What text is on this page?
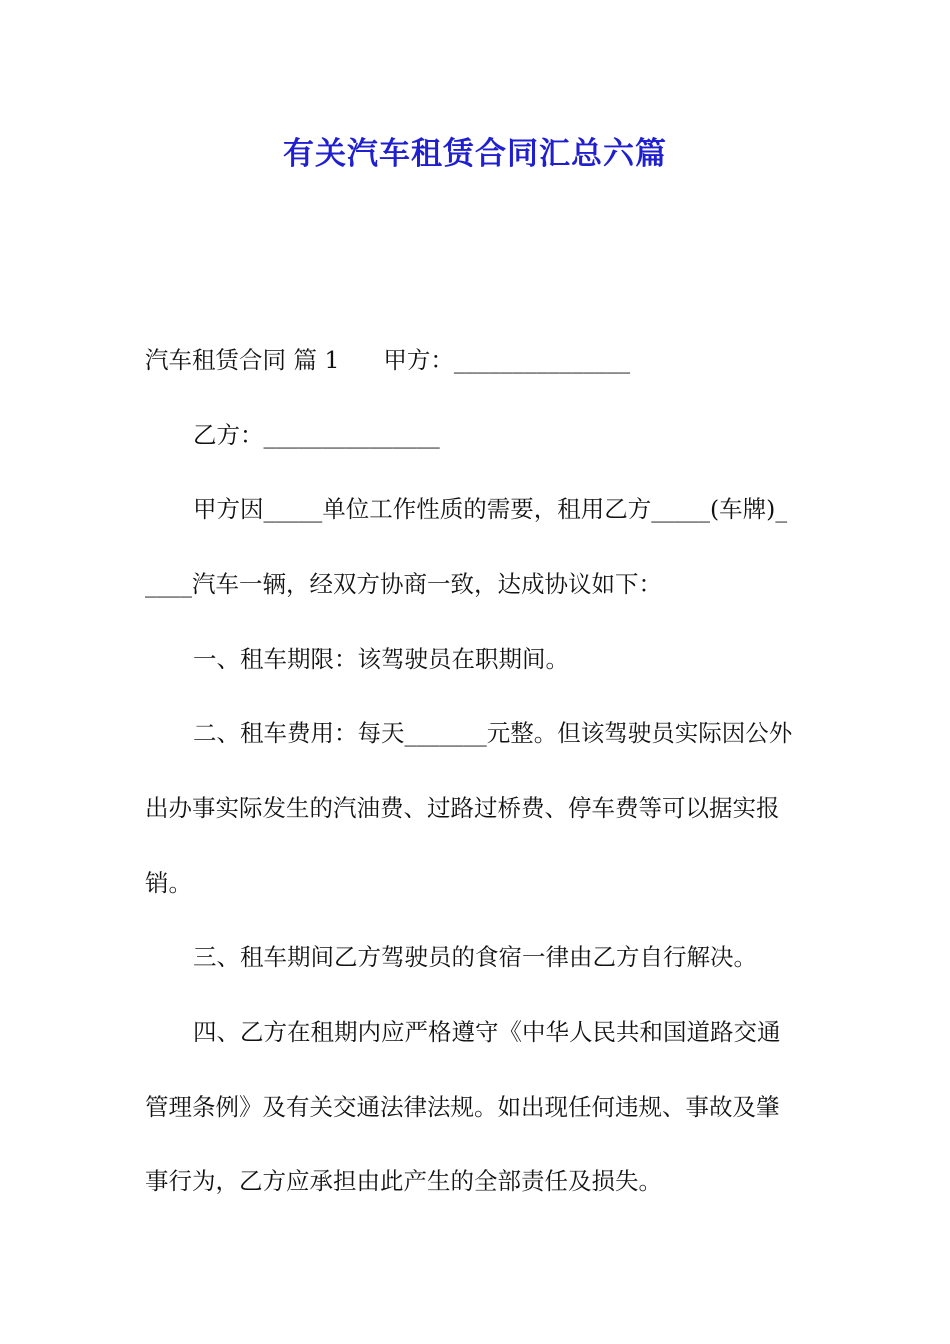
有关汽车租赁合同汇总六篇
汽车租赁合同 篇 1 甲方：_______________
乙方：_______________
甲方因_____单位工作性质的需要，租用乙方_____(车牌)_
____汽车一辆，经双方协商一致，达成协议如下：
一、租车期限：该驾驶员在职期间。
二、租车费用：每天_______元整。但该驾驶员实际因公外
出办事实际发生的汽油费、过路过桥费、停车费等可以据实报
销。
三、租车期间乙方驾驶员的食宿一律由乙方自行解决。
四、乙方在租期内应严格遵守《中华人民共和国道路交通
管理条例》及有关交通法律法规。如出现任何违规、事故及肇
事行为，乙方应承担由此产生的全部责任及损失。
